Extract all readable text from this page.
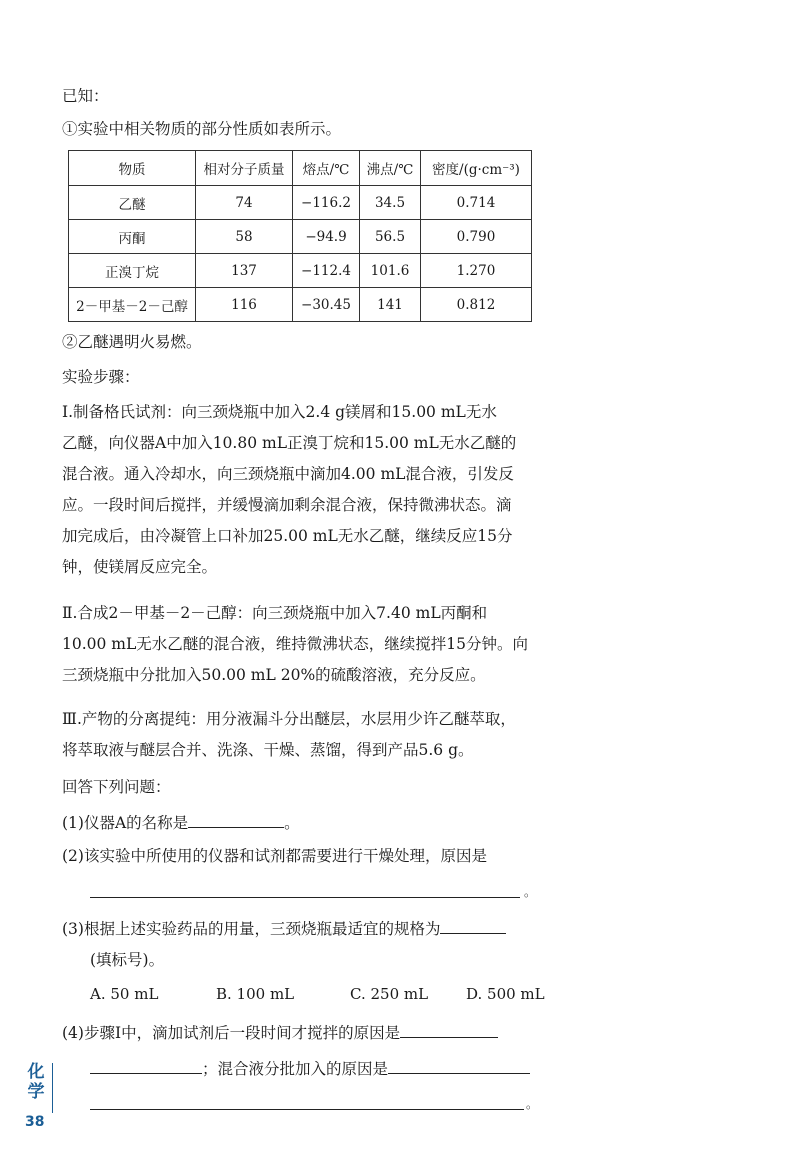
已知：
①实验中相关物质的部分性质如表所示。
物质	相对分子质量	熔点/℃	沸点/℃	密度/(g·cm⁻³)
乙醚	74	−116.2	34.5	0.714
丙酮	58	−94.9	56.5	0.790
正溴丁烷	137	−112.4	101.6	1.270
2－甲基－2－己醇	116	−30.45	141	0.812
②乙醚遇明火易燃。
实验步骤：
Ⅰ.制备格氏试剂：向三颈烧瓶中加入2.4 g镁屑和15.00 mL无水
乙醚，向仪器A中加入10.80 mL正溴丁烷和15.00 mL无水乙醚的
混合液。通入冷却水，向三颈烧瓶中滴加4.00 mL混合液，引发反
应。一段时间后搅拌，并缓慢滴加剩余混合液，保持微沸状态。滴
加完成后，由冷凝管上口补加25.00 mL无水乙醚，继续反应15分
钟，使镁屑反应完全。
Ⅱ.合成2－甲基－2－己醇：向三颈烧瓶中加入7.40 mL丙酮和
10.00 mL无水乙醚的混合液，维持微沸状态，继续搅拌15分钟。向
三颈烧瓶中分批加入50.00 mL 20%的硫酸溶液，充分反应。
Ⅲ.产物的分离提纯：用分液漏斗分出醚层，水层用少许乙醚萃取，
将萃取液与醚层合并、洗涤、干燥、蒸馏，得到产品5.6 g。
回答下列问题：
(1)仪器A的名称是	。
(2)该实验中所使用的仪器和试剂都需要进行干燥处理，原因是
。
(3)根据上述实验药品的用量，三颈烧瓶最适宜的规格为
(填标号)。
A. 50 mL	B. 100 mL	C. 250 mL	D. 500 mL
(4)步骤Ⅰ中，滴加试剂后一段时间才搅拌的原因是
；混合液分批加入的原因是
。
化学
38
